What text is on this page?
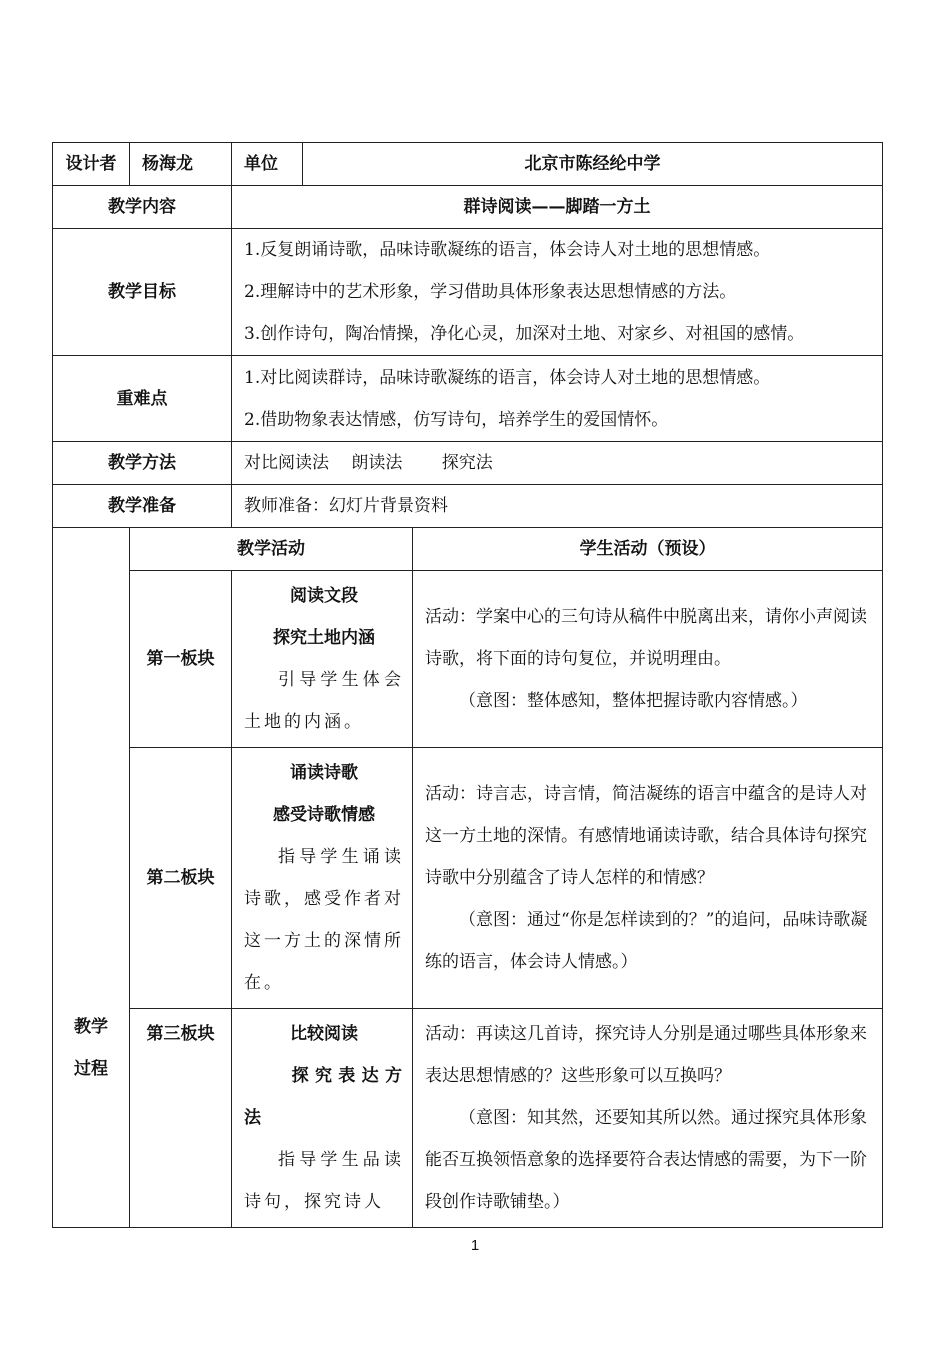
设计者	杨海龙	单位	北京市陈经纶中学	
教学内容		群诗阅读——脚踏一方土		
教学目标		1.反复朗诵诗歌，品味诗歌凝练的语言，体会诗人对土地的思想情感。
2.理解诗中的艺术形象，学习借助具体形象表达思想情感的方法。
3.创作诗句，陶冶情操，净化心灵，加深对土地、对家乡、对祖国的感情。		

重难点		1.对比阅读群诗，品味诗歌凝练的语言，体会诗人对土地的思想情感。
2.借助物象表达情感，仿写诗句，培养学生的爱国情怀。		

教学方法		对比阅读法　 朗读法　　 探究法		
教学准备		教师准备：幻灯片背景资料		

教学
过程	教学活动			学生活动（预设）
	第一板块	阅读文段
探究土地内涵
引导学生体会土地的内涵。		活动：学案中心的三句诗从稿件中脱离出来，请你小声阅读诗歌，将下面的诗句复位，并说明理由。
（意图：整体感知，整体把握诗歌内容情感。）

	第二板块	诵读诗歌
感受诗歌情感
指导学生诵读诗歌，感受作者对这一方土的深情所在。		活动：诗言志，诗言情，简洁凝练的语言中蕴含的是诗人对这一方土地的深情。有感情地诵读诗歌，结合具体诗句探究诗歌中分别蕴含了诗人怎样的和情感？
（意图：通过“你是怎样读到的？”的追问，品味诗歌凝练的语言，体会诗人情感。）

	第三板块	比较阅读
探究表达方法
指导学生品读诗句，探究诗人		活动：再读这几首诗，探究诗人分别是通过哪些具体形象来表达思想情感的？这些形象可以互换吗？
（意图：知其然，还要知其所以然。通过探究具体形象能否互换领悟意象的选择要符合表达情感的需要，为下一阶段创作诗歌铺垫。）
1
